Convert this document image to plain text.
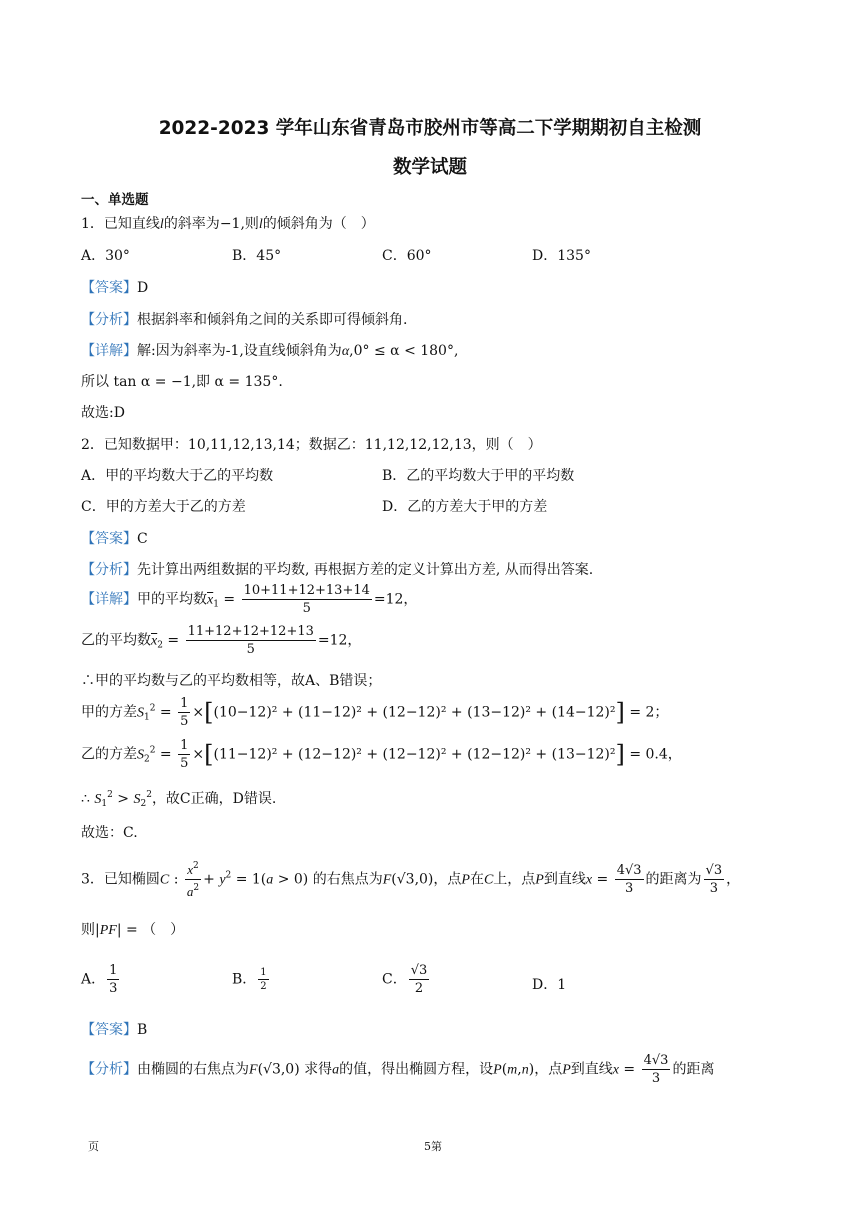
2022-2023 学年山东省青岛市胶州市等高二下学期期初自主检测
数学试题
一、单选题
1．已知直线l的斜率为−1,则l的倾斜角为（　）
A．30°	B．45°	C．60°	D．135°
【答案】D
【分析】根据斜率和倾斜角之间的关系即可得倾斜角.
【详解】解:因为斜率为-1,设直线倾斜角为α,0° ≤ α < 180°,
所以 tan α = −1,即 α = 135°.
故选:D
2．已知数据甲：10,11,12,13,14；数据乙：11,12,12,12,13，则（　）
A．甲的平均数大于乙的平均数	B．乙的平均数大于甲的平均数
C．甲的方差大于乙的方差	D．乙的方差大于甲的方差
【答案】C
【分析】先计算出两组数据的平均数, 再根据方差的定义计算出方差, 从而得出答案.
【详解】甲的平均数$\overline{x}_1 = \frac{10+11+12+13+14}{5} =12$，
乙的平均数$\overline{x}_2 = \frac{11+12+12+12+13}{5} =12$，
∴甲的平均数与乙的平均数相等，故A、B错误；
甲的方差$S_1^2 = \frac{1}{5} \times[(10-12)^2 + (11-12)^2 + (12-12)^2 + (13-12)^2 + (14-12)^2] = 2$；
乙的方差$S_2^2 = \frac{1}{5} \times[(11-12)^2 + (12-12)^2 + (12-12)^2 + (12-12)^2 + (13-12)^2] = 0.4$，
∴ $S_1^2 > S_2^2$，故C正确，D错误.
故选：C.
3．已知椭圆C : $\frac{x^2}{a^2} + y^2 = 1(a > 0)$ 的右焦点为F(√3,0)，点P在C上，点P到直线$x = \frac{4√3}{3}$ 的距离为 $\frac{√3}{3}$ ，
则|PF| = （　）
A． $\frac{1}{3}$	B． $\frac{1}{2}$	C． $\frac{√3}{2}$	D．1
【答案】B
【分析】由椭圆的右焦点为F(√3,0) 求得a的值，得出椭圆方程，设P(m,n)，点P到直线$x = \frac{4√3}{3}$ 的距离
页	5第
